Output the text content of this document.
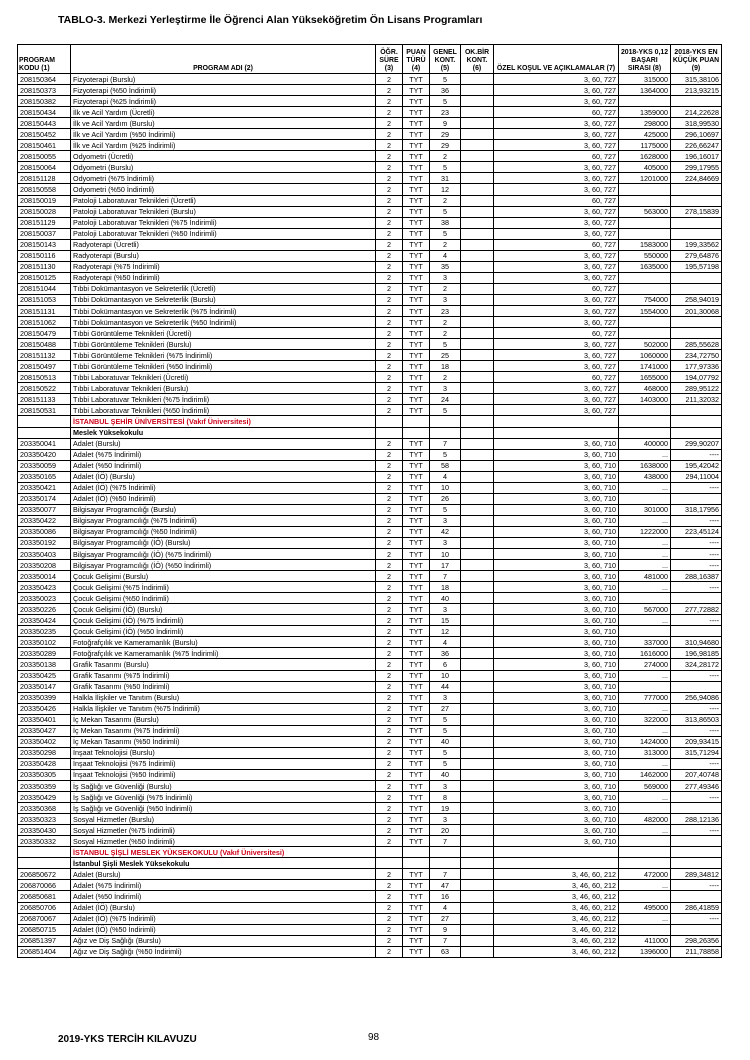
TABLO-3. Merkezi Yerleştirme İle Öğrenci Alan Yükseköğretim Ön Lisans Programları
PROGRAM KODU (1)	PROGRAM ADI (2)	ÖĞR. SÜRE (3)	PUAN TÜRÜ (4)	GENEL KONT. (5)	OK.BİR KONT. (6)	ÖZEL KOŞUL VE AÇIKLAMALAR (7)	2018-YKS 0,12 BAŞARI SIRASI (8)	2018-YKS EN KÜÇÜK PUAN (9)
208150364	Fizyoterapi (Burslu)	2	TYT	5		3, 60, 727	315000	315,38106
208150373	Fizyoterapi (%50 İndirimli)	2	TYT	36		3, 60, 727	1364000	213,93215
208150382	Fizyoterapi (%25 İndirimli)	2	TYT	5		3, 60, 727		
208150434	İlk ve Acil Yardım (Ücretli)	2	TYT	23		60, 727	1359000	214,22628
208150443	İlk ve Acil Yardım (Burslu)	2	TYT	9		3, 60, 727	298000	318,99530
208150452	İlk ve Acil Yardım (%50 İndirimli)	2	TYT	29		3, 60, 727	425000	296,10697
208150461	İlk ve Acil Yardım (%25 İndirimli)	2	TYT	29		3, 60, 727	1175000	226,66247
208150055	Odyometri (Ücretli)	2	TYT	2		60, 727	1628000	196,16017
208150064	Odyometri (Burslu)	2	TYT	5		3, 60, 727	405000	299,17955
208151128	Odyometri (%75 İndirimli)	2	TYT	31		3, 60, 727	1201000	224,84669
208150558	Odyometri (%50 İndirimli)	2	TYT	12		3, 60, 727		
208150019	Patoloji Laboratuvar Teknikleri (Ücretli)	2	TYT	2		60, 727		
208150028	Patoloji Laboratuvar Teknikleri (Burslu)	2	TYT	5		3, 60, 727	563000	278,15839
208151129	Patoloji Laboratuvar Teknikleri (%75 İndirimli)	2	TYT	38		3, 60, 727		
208150037	Patoloji Laboratuvar Teknikleri (%50 İndirimli)	2	TYT	5		3, 60, 727		
208150143	Radyoterapi (Ücretli)	2	TYT	2		60, 727	1583000	199,33562
208150116	Radyoterapi (Burslu)	2	TYT	4		3, 60, 727	550000	279,64876
208151130	Radyoterapi (%75 İndirimli)	2	TYT	35		3, 60, 727	1635000	195,57198
208150125	Radyoterapi (%50 İndirimli)	2	TYT	3		3, 60, 727		
208151044	Tıbbi Dokümantasyon ve Sekreterlik (Ücretli)	2	TYT	2		60, 727		
208151053	Tıbbi Dokümantasyon ve Sekreterlik (Burslu)	2	TYT	3		3, 60, 727	754000	258,94019
208151131	Tıbbi Dokümantasyon ve Sekreterlik (%75 İndirimli)	2	TYT	23		3, 60, 727	1554000	201,30068
208151062	Tıbbi Dokümantasyon ve Sekreterlik (%50 İndirimli)	2	TYT	2		3, 60, 727		
208150479	Tıbbi Görüntüleme Teknikleri (Ücretli)	2	TYT	2		60, 727		
208150488	Tıbbi Görüntüleme Teknikleri (Burslu)	2	TYT	5		3, 60, 727	502000	285,55628
208151132	Tıbbi Görüntüleme Teknikleri (%75 İndirimli)	2	TYT	25		3, 60, 727	1060000	234,72750
208150497	Tıbbi Görüntüleme Teknikleri (%50 İndirimli)	2	TYT	18		3, 60, 727	1741000	177,97336
208150513	Tıbbi Laboratuvar Teknikleri (Ücretli)	2	TYT	2		60, 727	1655000	194,07792
208150522	Tıbbi Laboratuvar Teknikleri (Burslu)	2	TYT	3		3, 60, 727	468000	289,95122
208151133	Tıbbi Laboratuvar Teknikleri (%75 İndirimli)	2	TYT	24		3, 60, 727	1403000	211,32032
208150531	Tıbbi Laboratuvar Teknikleri (%50 İndirimli)	2	TYT	5		3, 60, 727		
	İSTANBUL ŞEHİR ÜNİVERSİTESİ (Vakıf Üniversitesi)							
	Meslek Yüksekokulu							
203350041	Adalet (Burslu)	2	TYT	7		3, 60, 710	400000	299,90207
203350420	Adalet (%75 İndirimli)	2	TYT	5		3, 60, 710	...	----
203350059	Adalet (%50 İndirimli)	2	TYT	58		3, 60, 710	1638000	195,42042
203350165	Adalet (İÖ) (Burslu)	2	TYT	4		3, 60, 710	438000	294,11004
203350421	Adalet (İÖ) (%75 İndirimli)	2	TYT	10		3, 60, 710	...	----
203350174	Adalet (İÖ) (%50 İndirimli)	2	TYT	26		3, 60, 710		
203350077	Bilgisayar Programcılığı (Burslu)	2	TYT	5		3, 60, 710	301000	318,17956
203350422	Bilgisayar Programcılığı (%75 İndirimli)	2	TYT	3		3, 60, 710	...	----
203350086	Bilgisayar Programcılığı (%50 İndirimli)	2	TYT	42		3, 60, 710	1222000	223,45124
203350192	Bilgisayar Programcılığı (İÖ) (Burslu)	2	TYT	3		3, 60, 710	...	----
203350403	Bilgisayar Programcılığı (İÖ) (%75 İndirimli)	2	TYT	10		3, 60, 710	...	----
203350208	Bilgisayar Programcılığı (İÖ) (%50 İndirimli)	2	TYT	17		3, 60, 710	...	----
203350014	Çocuk Gelişimi (Burslu)	2	TYT	7		3, 60, 710	481000	288,16387
203350423	Çocuk Gelişimi (%75 İndirimli)	2	TYT	18		3, 60, 710	...	----
203350023	Çocuk Gelişimi (%50 İndirimli)	2	TYT	40		3, 60, 710		
203350226	Çocuk Gelişimi (İÖ) (Burslu)	2	TYT	3		3, 60, 710	567000	277,72882
203350424	Çocuk Gelişimi (İÖ) (%75 İndirimli)	2	TYT	15		3, 60, 710	...	----
203350235	Çocuk Gelişimi (İÖ) (%50 İndirimli)	2	TYT	12		3, 60, 710		
203350102	Fotoğrafçılık ve Kameramanlık (Burslu)	2	TYT	4		3, 60, 710	337000	310,94680
203350289	Fotoğrafçılık ve Kameramanlık (%75 İndirimli)	2	TYT	36		3, 60, 710	1616000	196,98185
203350138	Grafik Tasarımı (Burslu)	2	TYT	6		3, 60, 710	274000	324,28172
203350425	Grafik Tasarımı (%75 İndirimli)	2	TYT	10		3, 60, 710	...	----
203350147	Grafik Tasarımı (%50 İndirimli)	2	TYT	44		3, 60, 710		
203350399	Halkla İlişkiler ve Tanıtım (Burslu)	2	TYT	3		3, 60, 710	777000	256,94086
203350426	Halkla İlişkiler ve Tanıtım (%75 İndirimli)	2	TYT	27		3, 60, 710	...	----
203350401	İç Mekan Tasarımı (Burslu)	2	TYT	5		3, 60, 710	322000	313,86503
203350427	İç Mekan Tasarımı (%75 İndirimli)	2	TYT	5		3, 60, 710	...	----
203350402	İç Mekan Tasarımı (%50 İndirimli)	2	TYT	40		3, 60, 710	1424000	209,93415
203350298	İnşaat Teknolojisi (Burslu)	2	TYT	5		3, 60, 710	313000	315,71294
203350428	İnşaat Teknolojisi (%75 İndirimli)	2	TYT	5		3, 60, 710	...	----
203350305	İnşaat Teknolojisi (%50 İndirimli)	2	TYT	40		3, 60, 710	1462000	207,40748
203350359	İş Sağlığı ve Güvenliği (Burslu)	2	TYT	3		3, 60, 710	569000	277,49346
203350429	İş Sağlığı ve Güvenliği (%75 İndirimli)	2	TYT	8		3, 60, 710	...	----
203350368	İş Sağlığı ve Güvenliği (%50 İndirimli)	2	TYT	19		3, 60, 710		
203350323	Sosyal Hizmetler (Burslu)	2	TYT	3		3, 60, 710	482000	288,12136
203350430	Sosyal Hizmetler (%75 İndirimli)	2	TYT	20		3, 60, 710	...	----
203350332	Sosyal Hizmetler (%50 İndirimli)	2	TYT	7		3, 60, 710		
	İSTANBUL ŞİŞLİ MESLEK YÜKSEKOKULU (Vakıf Üniversitesi)							
	İstanbul Şişli Meslek Yüksekokulu							
206850672	Adalet (Burslu)	2	TYT	7		3, 46, 60, 212	472000	289,34812
206870066	Adalet (%75 İndirimli)	2	TYT	47		3, 46, 60, 212	...	----
206850681	Adalet (%50 İndirimli)	2	TYT	16		3, 46, 60, 212		
206850706	Adalet (İÖ) (Burslu)	2	TYT	4		3, 46, 60, 212	495000	286,41859
206870067	Adalet (İÖ) (%75 İndirimli)	2	TYT	27		3, 46, 60, 212	...	----
206850715	Adalet (İÖ) (%50 İndirimli)	2	TYT	9		3, 46, 60, 212		
206851397	Ağız ve Diş Sağlığı (Burslu)	2	TYT	7		3, 46, 60, 212	411000	298,26356
206851404	Ağız ve Diş Sağlığı (%50 İndirimli)	2	TYT	63		3, 46, 60, 212	1396000	211,78858
2019-YKS TERCİH KILAVUZU	98
